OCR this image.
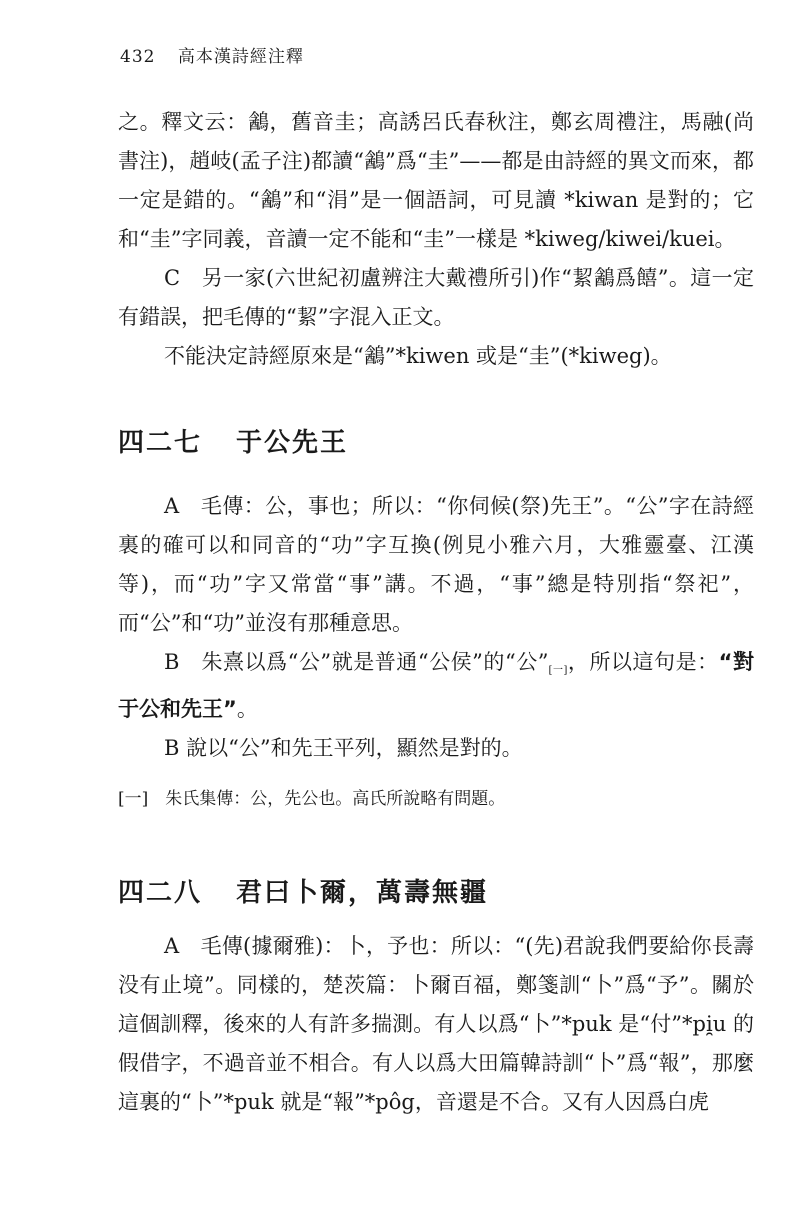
432 高本漢詩經注釋

之。釋文云：䳺，舊音圭；高誘呂氏春秋注，鄭玄周禮注，馬融(尚書注)，趙岐(孟子注)都讀“䳺”爲“圭”——都是由詩經的異文而來，都一定是錯的。“䳺”和“涓”是一個語詞，可見讀 *kiwan 是對的；它和“圭”字同義，音讀一定不能和“圭”一樣是 *kiweg/kiwei/kuei。

C　另一家(六世紀初盧辨注大戴禮所引)作“絜䳺爲饎”。這一定有錯誤，把毛傳的“絜”字混入正文。

不能決定詩經原來是“䳺”*kiwen 或是“圭”(*kiweg)。

四二七 于公先王

A　毛傳：公，事也；所以：“你伺候(祭)先王”。“公”字在詩經裏的確可以和同音的“功”字互換(例見小雅六月，大雅靈臺、江漢等)，而“功”字又常當“事”講。不過，“事”總是特別指“祭祀”，而“公”和“功”並沒有那種意思。

B　朱熹以爲“公”就是普通“公侯”的“公$”_{[一]}$，所以這句是：“對于公和先王”。

B 說以“公”和先王平列，顯然是對的。

[一]　朱氏集傳：公，先公也。高氏所說略有問題。
四二八 君曰卜爾，萬壽無疆

A　毛傳(據爾雅)：卜，予也：所以：“(先)君說我們要給你長壽没有止境”。同樣的，楚茨篇：卜爾百福，鄭箋訓“卜”爲“予”。關於這個訓釋，後來的人有許多揣測。有人以爲“卜”*puk 是“付”*pi̯u 的假借字，不過音並不相合。有人以爲大田篇韓詩訓“卜”爲“報”，那麼這裏的“卜”*puk 就是“報”*pôg，音還是不合。又有人因爲白虎
